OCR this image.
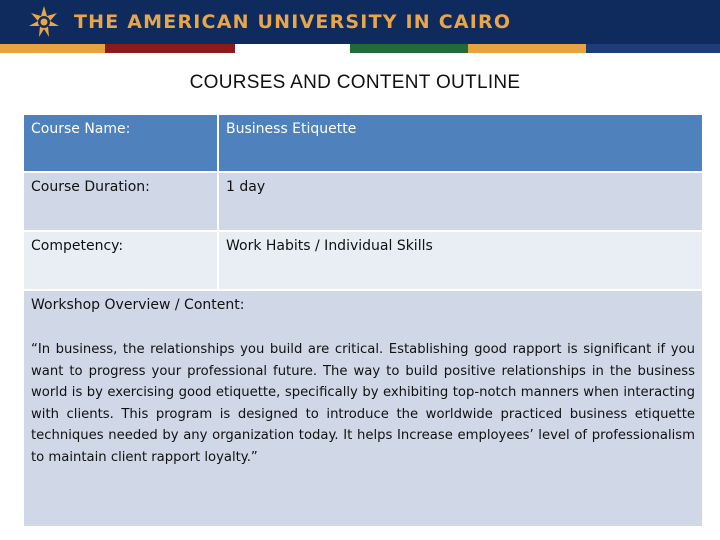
THE AMERICAN UNIVERSITY IN CAIRO
COURSES AND CONTENT OUTLINE
Course Name:	Business Etiquette
Course Duration:	1 day
Competency:	Work Habits / Individual Skills
Workshop Overview / Content:
“In business, the relationships you build are critical. Establishing good rapport is significant if you want to progress your professional future. The way to build positive relationships in the business world is by exercising good etiquette, specifically by exhibiting top-notch manners when interacting with clients. This program is designed to introduce the worldwide practiced business etiquette techniques needed by any organization today. It helps Increase employees’ level of professionalism to maintain client rapport loyalty.”
